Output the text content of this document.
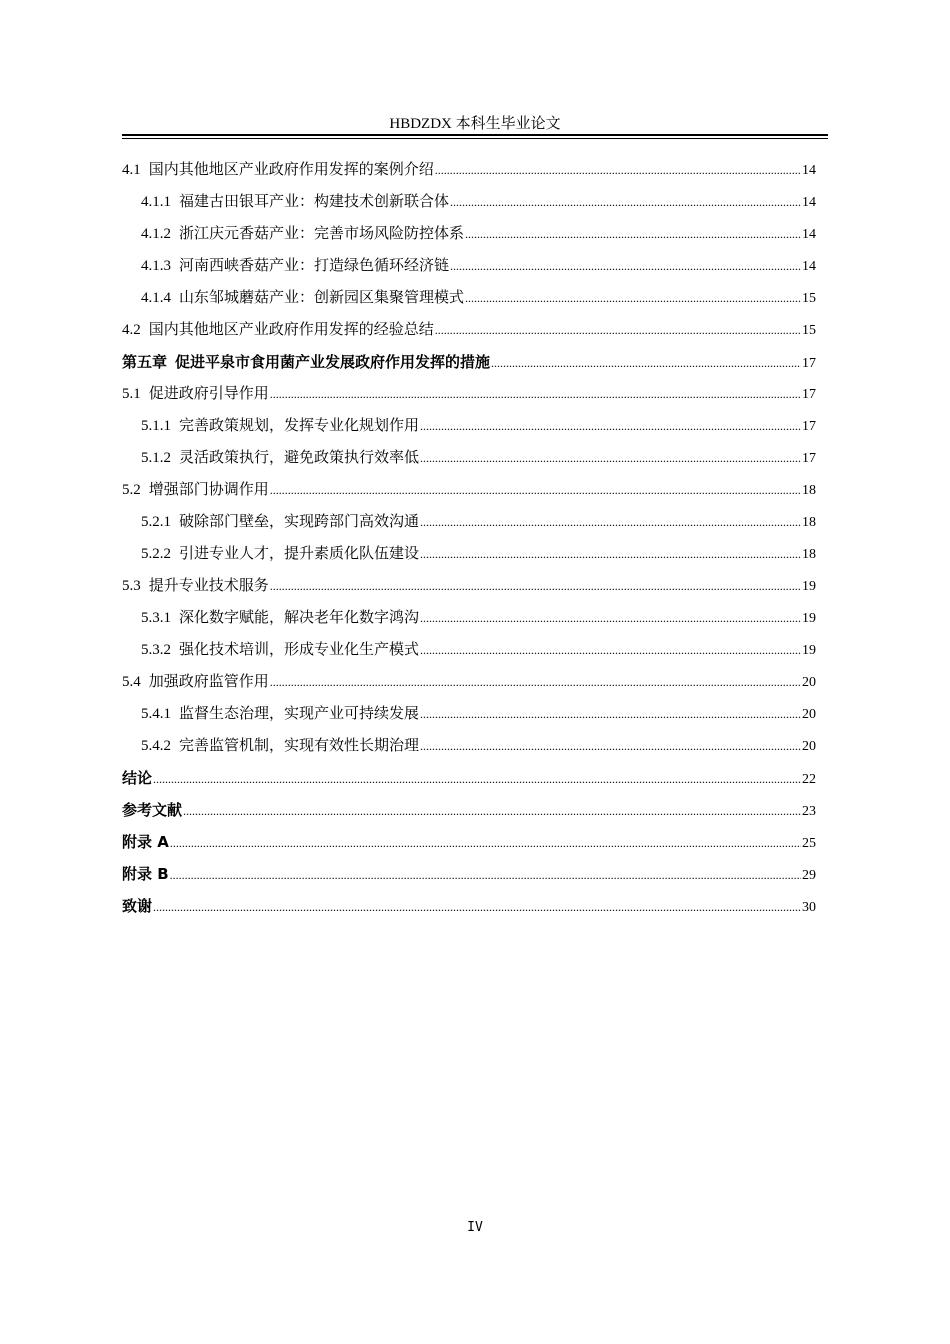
HBDZDX 本科生毕业论文
4.1 国内其他地区产业政府作用发挥的案例介绍 .....	14
4.1.1 福建古田银耳产业：构建技术创新联合体 .....	14
4.1.2 浙江庆元香菇产业：完善市场风险防控体系 .....	14
4.1.3 河南西峡香菇产业：打造绿色循环经济链 .....	14
4.1.4 山东邹城蘑菇产业：创新园区集聚管理模式 .....	15
4.2 国内其他地区产业政府作用发挥的经验总结 .....	15
第五章 促进平泉市食用菌产业发展政府作用发挥的措施 .....	17
5.1 促进政府引导作用 .....	17
5.1.1 完善政策规划，发挥专业化规划作用 .....	17
5.1.2 灵活政策执行，避免政策执行效率低 .....	17
5.2 增强部门协调作用 .....	18
5.2.1 破除部门壁垒，实现跨部门高效沟通 .....	18
5.2.2 引进专业人才，提升素质化队伍建设 .....	18
5.3 提升专业技术服务 .....	19
5.3.1 深化数字赋能，解决老年化数字鸿沟 .....	19
5.3.2 强化技术培训，形成专业化生产模式 .....	19
5.4 加强政府监管作用 .....	20
5.4.1 监督生态治理，实现产业可持续发展 .....	20
5.4.2 完善监管机制，实现有效性长期治理 .....	20
结论 .....	22
参考文献 .....	23
附录 A .....	25
附录 B .....	29
致谢 .....	30
IV
